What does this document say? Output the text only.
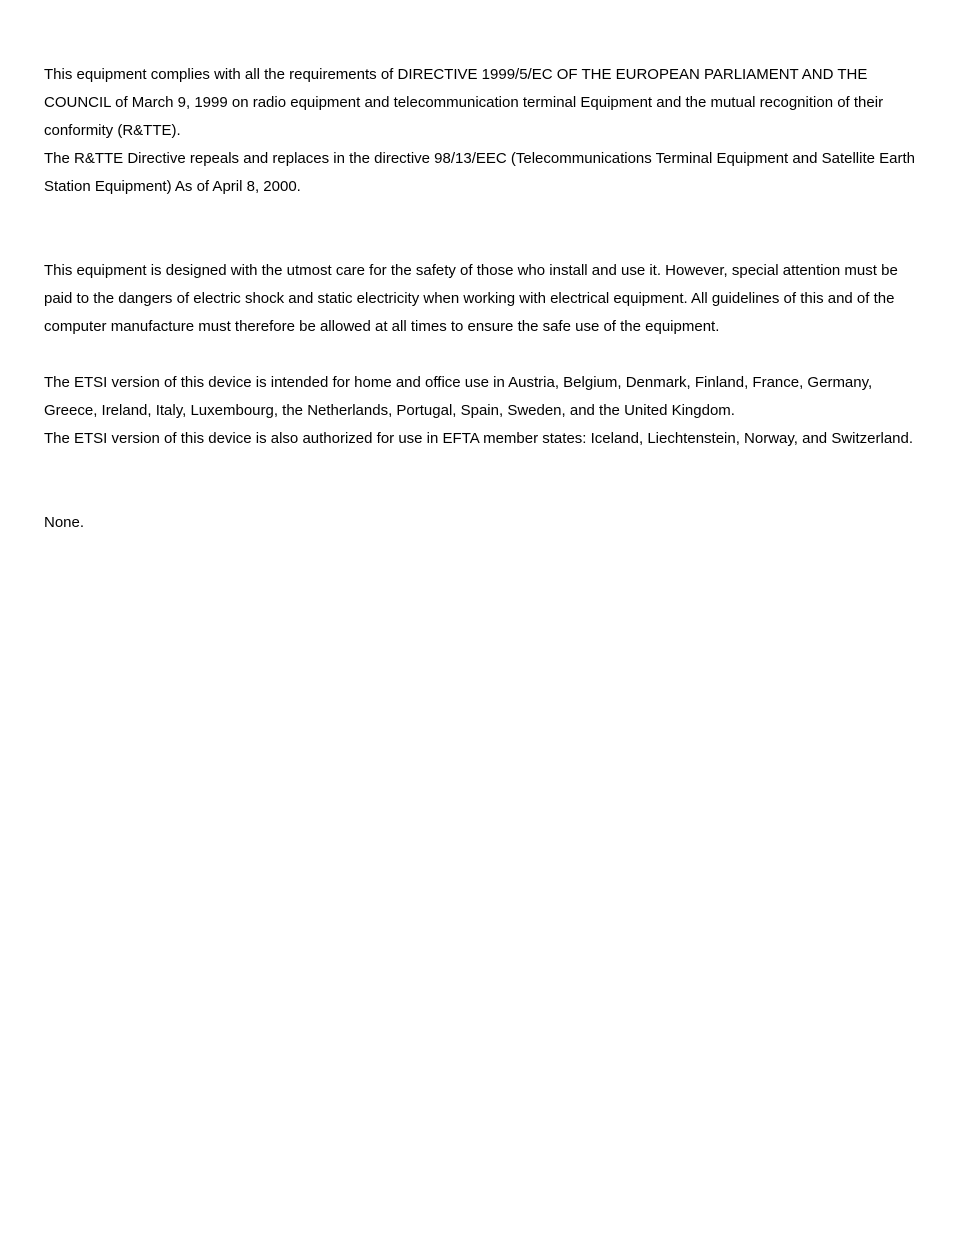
This equipment complies with all the requirements of DIRECTIVE 1999/5/EC OF THE EUROPEAN PARLIAMENT AND THE COUNCIL of March 9, 1999 on radio equipment and telecommunication terminal Equipment and the mutual recognition of their conformity (R&TTE).

The R&TTE Directive repeals and replaces in the directive 98/13/EEC (Telecommunications Terminal Equipment and Satellite Earth Station Equipment) As of April 8, 2000.

This equipment is designed with the utmost care for the safety of those who install and use it. However, special attention must be paid to the dangers of electric shock and static electricity when working with electrical equipment. All guidelines of this and of the computer manufacture must therefore be allowed at all times to ensure the safe use of the equipment.

The ETSI version of this device is intended for home and office use in Austria, Belgium, Denmark, Finland, France, Germany, Greece, Ireland, Italy, Luxembourg, the Netherlands, Portugal, Spain, Sweden, and the United Kingdom.

The ETSI version of this device is also authorized for use in EFTA member states: Iceland, Liechtenstein, Norway, and Switzerland.

None.
